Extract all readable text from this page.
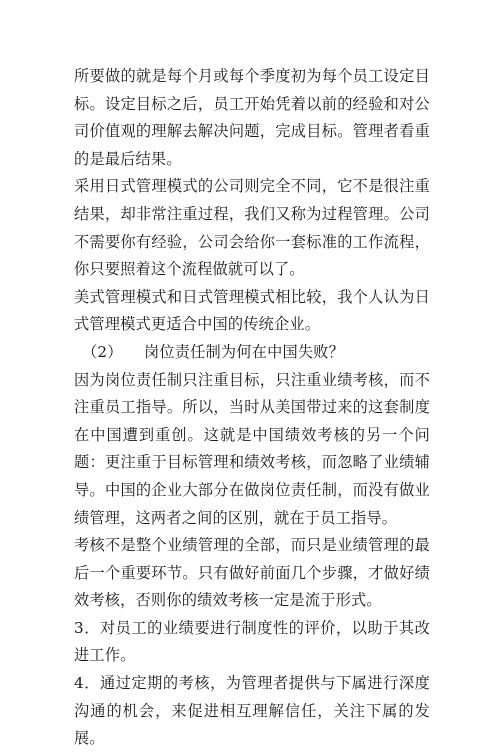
所要做的就是每个月或每个季度初为每个员工设定目标。设定目标之后，员工开始凭着以前的经验和对公司价值观的理解去解决问题，完成目标。管理者看重的是最后结果。

采用日式管理模式的公司则完全不同，它不是很注重结果，却非常注重过程，我们又称为过程管理。公司不需要你有经验，公司会给你一套标准的工作流程，你只要照着这个流程做就可以了。

美式管理模式和日式管理模式相比较，我个人认为日式管理模式更适合中国的传统企业。

（2） 岗位责任制为何在中国失败？

因为岗位责任制只注重目标，只注重业绩考核，而不注重员工指导。所以，当时从美国带过来的这套制度在中国遭到重创。这就是中国绩效考核的另一个问题：更注重于目标管理和绩效考核，而忽略了业绩辅导。中国的企业大部分在做岗位责任制，而没有做业绩管理，这两者之间的区别，就在于员工指导。

考核不是整个业绩管理的全部，而只是业绩管理的最后一个重要环节。只有做好前面几个步骤，才做好绩效考核，否则你的绩效考核一定是流于形式。

3．对员工的业绩要进行制度性的评价，以助于其改进工作。

4．通过定期的考核，为管理者提供与下属进行深度沟通的机会，来促进相互理解信任，关注下属的发展。
